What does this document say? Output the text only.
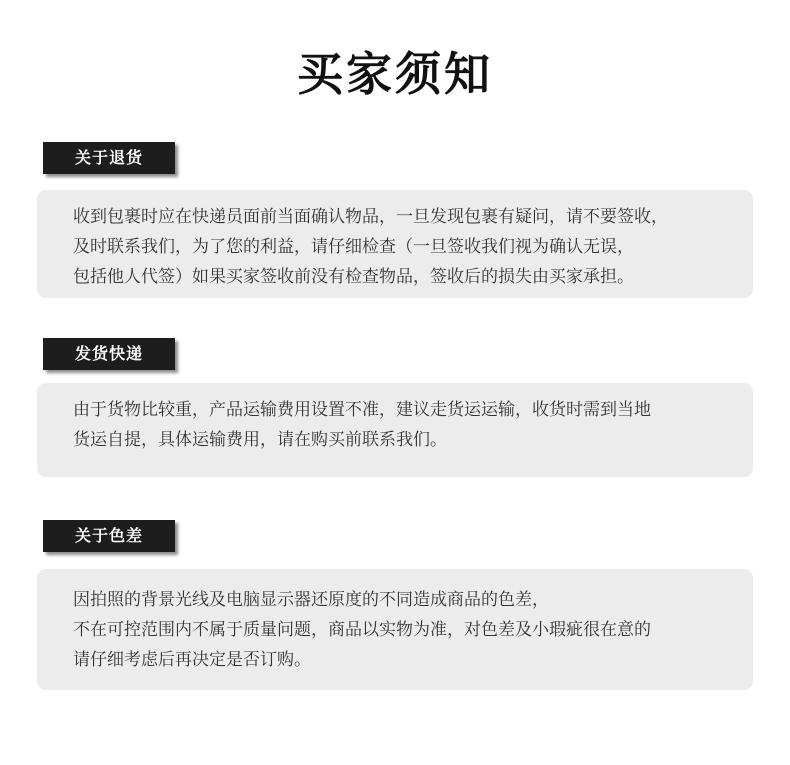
买家须知
关于退货
收到包裹时应在快递员面前当面确认物品，一旦发现包裹有疑问，请不要签收，
及时联系我们，为了您的利益，请仔细检查（一旦签收我们视为确认无误，
包括他人代签）如果买家签收前没有检查物品，签收后的损失由买家承担。
发货快递
由于货物比较重，产品运输费用设置不准，建议走货运运输，收货时需到当地
货运自提，具体运输费用，请在购买前联系我们。
关于色差
因拍照的背景光线及电脑显示器还原度的不同造成商品的色差，
不在可控范围内不属于质量问题，商品以实物为准，对色差及小瑕疵很在意的
请仔细考虑后再决定是否订购。
